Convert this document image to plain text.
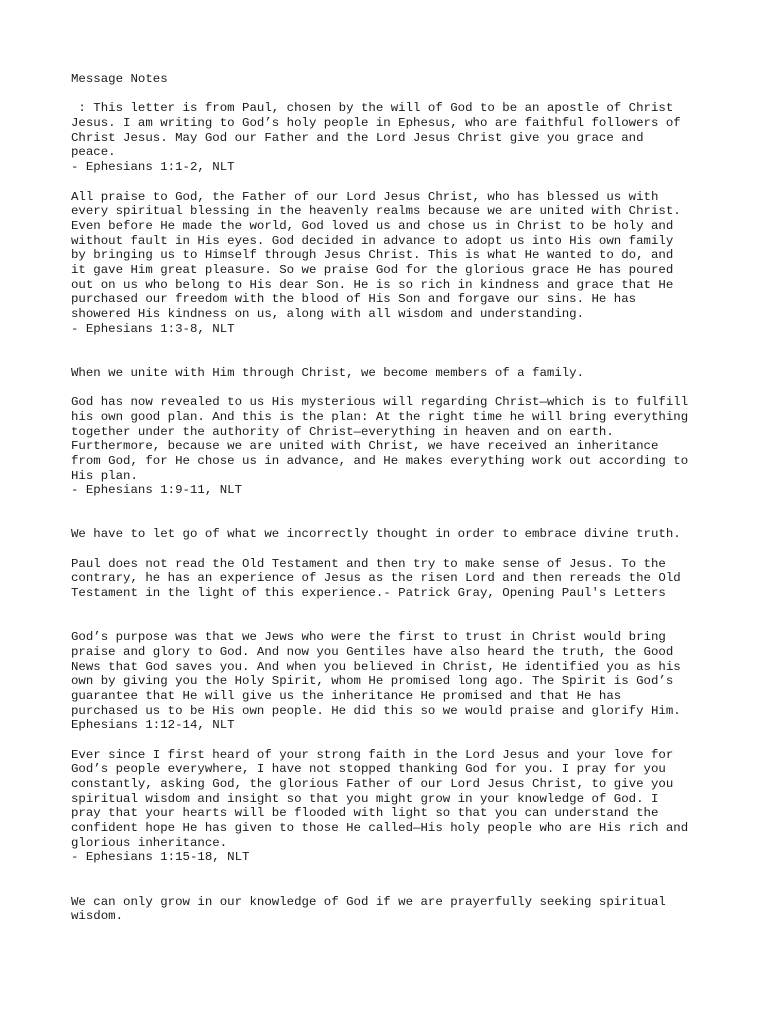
Message Notes
: This letter is from Paul, chosen by the will of God to be an apostle of Christ
Jesus. I am writing to God’s holy people in Ephesus, who are faithful followers of
Christ Jesus. May God our Father and the Lord Jesus Christ give you grace and
peace.
- Ephesians 1:1-2, NLT
All praise to God, the Father of our Lord Jesus Christ, who has blessed us with
every spiritual blessing in the heavenly realms because we are united with Christ.
Even before He made the world, God loved us and chose us in Christ to be holy and
without fault in His eyes. God decided in advance to adopt us into His own family
by bringing us to Himself through Jesus Christ. This is what He wanted to do, and
it gave Him great pleasure. So we praise God for the glorious grace He has poured
out on us who belong to His dear Son. He is so rich in kindness and grace that He
purchased our freedom with the blood of His Son and forgave our sins. He has
showered His kindness on us, along with all wisdom and understanding.
- Ephesians 1:3-8, NLT
When we unite with Him through Christ, we become members of a family.
God has now revealed to us His mysterious will regarding Christ—which is to fulfill
his own good plan. And this is the plan: At the right time he will bring everything
together under the authority of Christ—everything in heaven and on earth.
Furthermore, because we are united with Christ, we have received an inheritance
from God, for He chose us in advance, and He makes everything work out according to
His plan.
- Ephesians 1:9-11, NLT
We have to let go of what we incorrectly thought in order to embrace divine truth.
Paul does not read the Old Testament and then try to make sense of Jesus. To the
contrary, he has an experience of Jesus as the risen Lord and then rereads the Old
Testament in the light of this experience.- Patrick Gray, Opening Paul's Letters
God’s purpose was that we Jews who were the first to trust in Christ would bring
praise and glory to God. And now you Gentiles have also heard the truth, the Good
News that God saves you. And when you believed in Christ, He identified you as his
own by giving you the Holy Spirit, whom He promised long ago. The Spirit is God’s
guarantee that He will give us the inheritance He promised and that He has
purchased us to be His own people. He did this so we would praise and glorify Him.
Ephesians 1:12-14, NLT
Ever since I first heard of your strong faith in the Lord Jesus and your love for
God’s people everywhere, I have not stopped thanking God for you. I pray for you
constantly, asking God, the glorious Father of our Lord Jesus Christ, to give you
spiritual wisdom and insight so that you might grow in your knowledge of God. I
pray that your hearts will be flooded with light so that you can understand the
confident hope He has given to those He called—His holy people who are His rich and
glorious inheritance.
- Ephesians 1:15-18, NLT
We can only grow in our knowledge of God if we are prayerfully seeking spiritual
wisdom.
